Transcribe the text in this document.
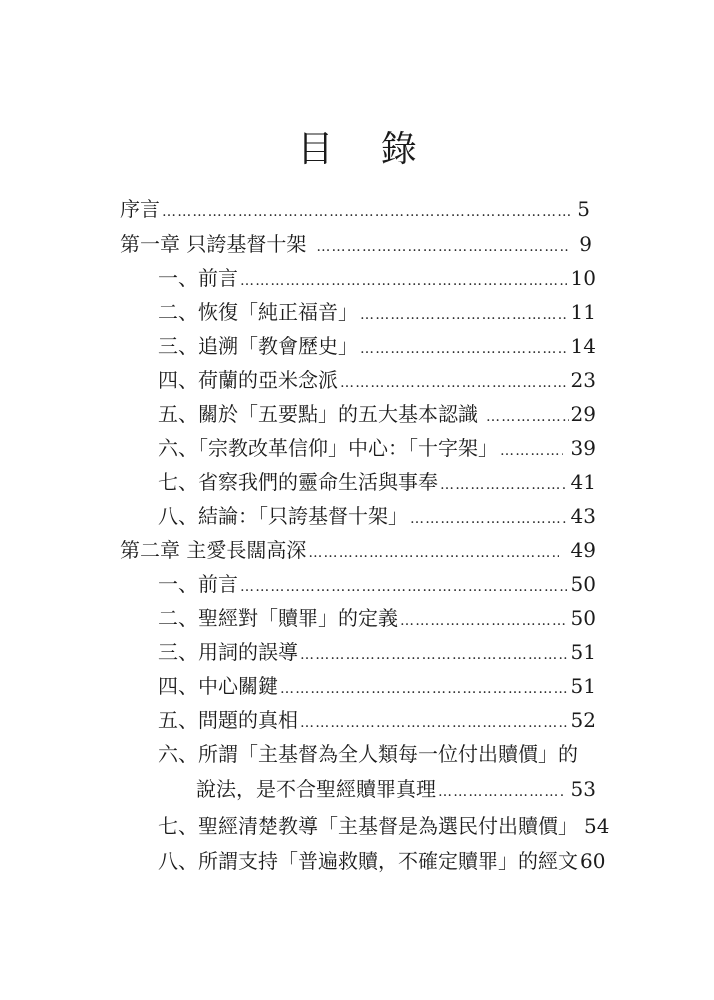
目 錄
序言 …………………………………………………………………………………………………………………………………………………………………………………………………………………	5
第一章 只誇基督十架 …………………………………………………………………………………………………………………………………………………………………………………………………………………	9
一、前言 …………………………………………………………………………………………………………………………………………………………………………………………………………………	10
二、恢復「純正福音」 …………………………………………………………………………………………………………………………………………………………………………………………………………………	11
三、追溯「教會歷史」 …………………………………………………………………………………………………………………………………………………………………………………………………………………	14
四、荷蘭的亞米念派 …………………………………………………………………………………………………………………………………………………………………………………………………………………	23
五、關於「五要點」的五大基本認識 …………………………………………………………………………………………………………………………………………………………………………………………………………………	29
六、「宗教改革信仰」中心：「十字架」 …………………………………………………………………………………………………………………………………………………………………………………………………………………	39
七、省察我們的靈命生活與事奉 …………………………………………………………………………………………………………………………………………………………………………………………………………………	41
八、結論：「只誇基督十架」 …………………………………………………………………………………………………………………………………………………………………………………………………………………	43
第二章 主愛長闊高深 …………………………………………………………………………………………………………………………………………………………………………………………………………………	49
一、前言 …………………………………………………………………………………………………………………………………………………………………………………………………………………	50
二、聖經對「贖罪」的定義 …………………………………………………………………………………………………………………………………………………………………………………………………………………	50
三、用詞的誤導 …………………………………………………………………………………………………………………………………………………………………………………………………………………	51
四、中心關鍵 …………………………………………………………………………………………………………………………………………………………………………………………………………………	51
五、問題的真相 …………………………………………………………………………………………………………………………………………………………………………………………………………………	52
六、所謂「主基督為全人類每一位付出贖價」的
說法，是不合聖經贖罪真理 …………………………………………………………………………………………………………………………………………………………………………………………………………………	53
七、聖經清楚教導「主基督是為選民付出贖價」 54
八、所謂支持「普遍救贖，不確定贖罪」的經文 60
